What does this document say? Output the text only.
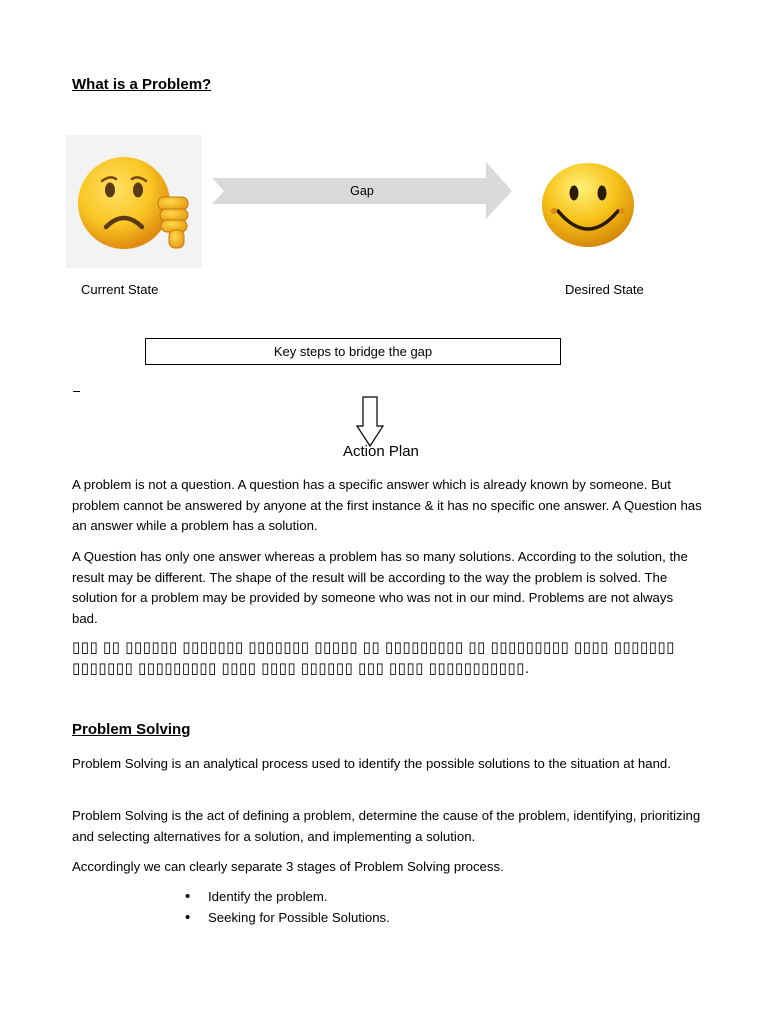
What is a Problem?
Gap
Current State	Desired State
Key steps to bridge the gap
Action Plan
A problem is not a question. A question has a specific answer which is already known by someone. But problem cannot be answered by anyone at the first instance & it has no specific one answer. A Question has an answer while a problem has a solution.
A Question has only one answer whereas a problem has so many solutions. According to the solution, the result may be different. The shape of the result will be according to the way the problem is solved. The solution for a problem may be provided by someone who was not in our mind. Problems are not always bad.
▯▯▯ ▯▯ ▯▯▯▯▯▯ ▯▯▯▯▯▯▯ ▯▯▯▯▯▯▯ ▯▯▯▯▯ ▯▯ ▯▯▯▯▯▯▯▯▯ ▯▯ ▯▯▯▯▯▯▯▯▯ ▯▯▯▯ ▯▯▯▯▯▯▯ ▯▯▯▯▯▯▯ ▯▯▯▯▯▯▯▯▯ ▯▯▯▯ ▯▯▯▯ ▯▯▯▯▯▯ ▯▯▯ ▯▯▯▯ ▯▯▯▯▯▯▯▯▯▯▯.
Problem Solving
Problem Solving is an analytical process used to identify the possible solutions to the situation at hand.
Problem Solving is the act of defining a problem, determine the cause of the problem, identifying, prioritizing and selecting alternatives for a solution, and implementing a solution.
Accordingly we can clearly separate 3 stages of Problem Solving process.
• Identify the problem.
• Seeking for Possible Solutions.
